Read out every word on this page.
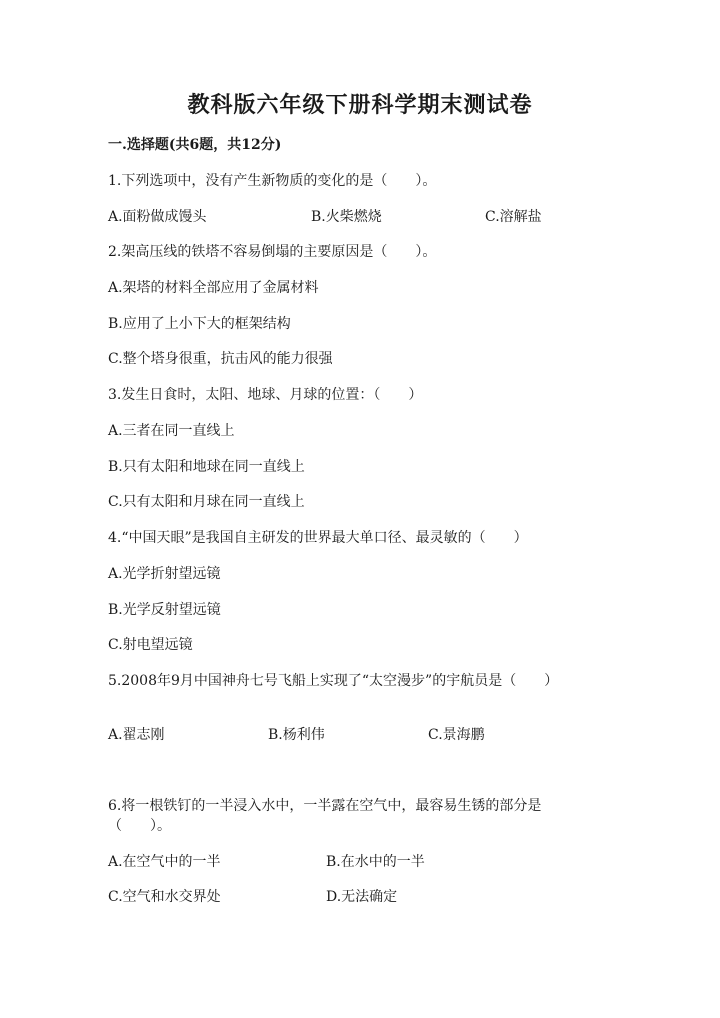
教科版六年级下册科学期末测试卷
一.选择题(共6题，共12分)
1.下列选项中，没有产生新物质的变化的是（　　）。
A.面粉做成馒头	B.火柴燃烧	C.溶解盐
2.架高压线的铁塔不容易倒塌的主要原因是（　　）。
A.架塔的材料全部应用了金属材料
B.应用了上小下大的框架结构
C.整个塔身很重，抗击风的能力很强
3.发生日食时，太阳、地球、月球的位置：（　　）
A.三者在同一直线上
B.只有太阳和地球在同一直线上
C.只有太阳和月球在同一直线上
4.“中国天眼”是我国自主研发的世界最大单口径、最灵敏的（　　）
A.光学折射望远镜
B.光学反射望远镜
C.射电望远镜
5.2008年9月中国神舟七号飞船上实现了“太空漫步”的宇航员是（　　）
A.翟志刚	B.杨利伟	C.景海鹏
6.将一根铁钉的一半浸入水中，一半露在空气中，最容易生锈的部分是
（　　）。
A.在空气中的一半	B.在水中的一半
C.空气和水交界处	D.无法确定
